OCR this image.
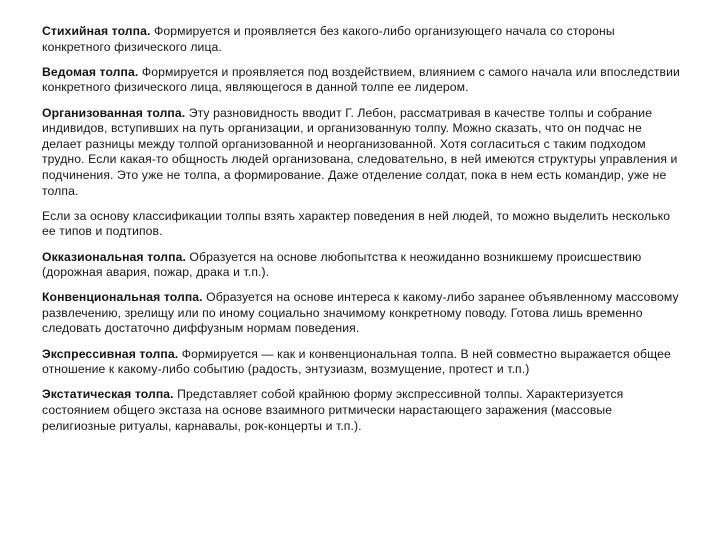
Стихийная толпа. Формируется и проявляется без какого-либо организующего начала со стороны конкретного физического лица.

Ведомая толпа. Формируется и проявляется под воздействием, влиянием с самого начала или впоследствии конкретного физического лица, являющегося в данной толпе ее лидером.

Организованная толпа. Эту разновидность вводит Г. Лебон, рассматривая в качестве толпы и собрание индивидов, вступивших на путь организации, и организованную толпу. Можно сказать, что он подчас не делает разницы между толпой организованной и неорганизованной. Хотя согласиться с таким подходом трудно. Если какая-то общность людей организована, следовательно, в ней имеются структуры управления и подчинения. Это уже не толпа, а формирование. Даже отделение солдат, пока в нем есть командир, уже не толпа.

Если за основу классификации толпы взять характер поведения в ней людей, то можно выделить несколько ее типов и подтипов.

Окказиональная толпа. Образуется на основе любопытства к неожиданно возникшему происшествию (дорожная авария, пожар, драка и т.п.).

Конвенциональная толпа. Образуется на основе интереса к какому-либо заранее объявленному массовому развлечению, зрелищу или по иному социально значимому конкретному поводу. Готова лишь временно следовать достаточно диффузным нормам поведения.

Экспрессивная толпа. Формируется — как и конвенциональная толпа. В ней совместно выражается общее отношение к какому-либо событию (радость, энтузиазм, возмущение, протест и т.п.)

Экстатическая толпа. Представляет собой крайнюю форму экспрессивной толпы. Характеризуется состоянием общего экстаза на основе взаимного ритмически нарастающего заражения (массовые религиозные ритуалы, карнавалы, рок-концерты и т.п.).
